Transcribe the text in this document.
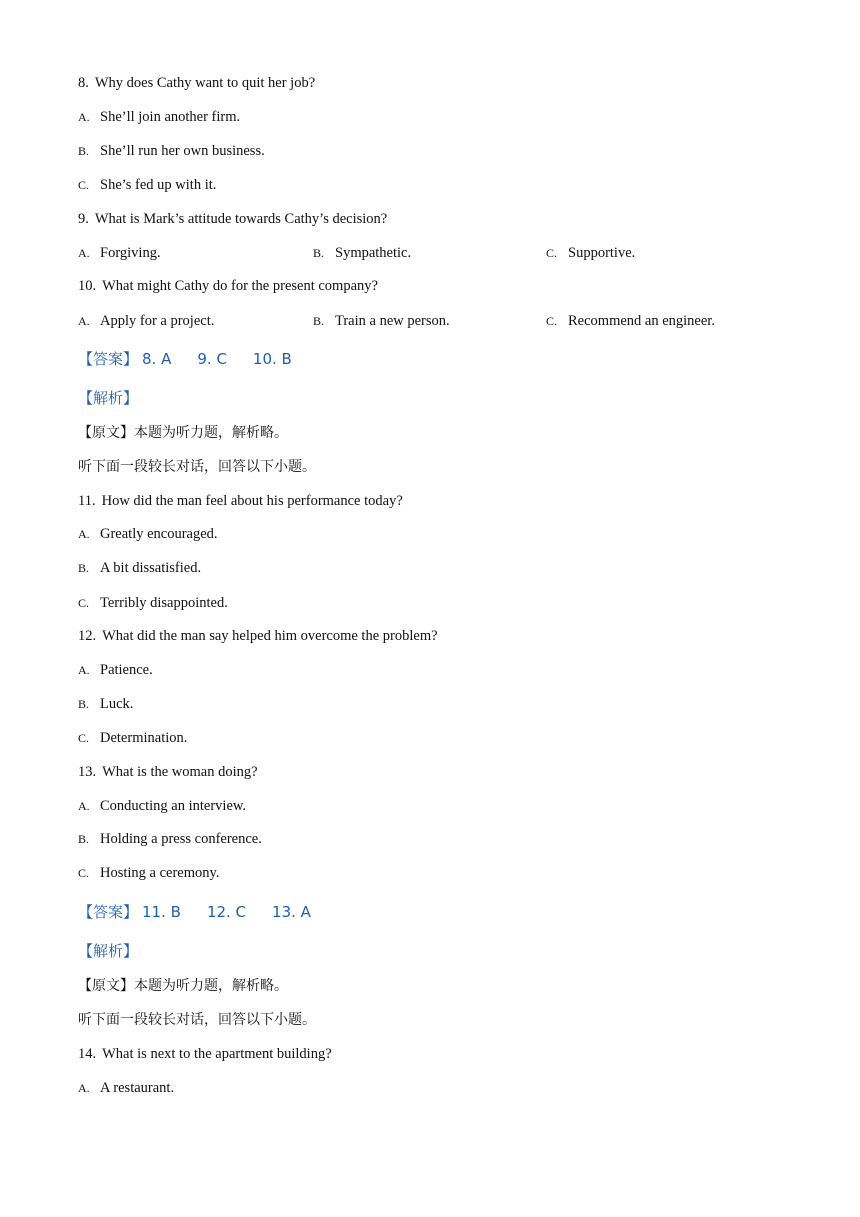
8. Why does Cathy want to quit her job?
A. She’ll join another firm.
B. She’ll run her own business.
C. She’s fed up with it.
9. What is Mark’s attitude towards Cathy’s decision?
A. Forgiving.	B. Sympathetic.	C. Supportive.
10. What might Cathy do for the present company?
A. Apply for a project.	B. Train a new person.	C. Recommend an engineer.
【答案】 8. A 9. C 10. B
【解析】
【原文】本题为听力题，解析略。
听下面一段较长对话，回答以下小题。
11. How did the man feel about his performance today?
A. Greatly encouraged.
B. A bit dissatisfied.
C. Terribly disappointed.
12. What did the man say helped him overcome the problem?
A. Patience.
B. Luck.
C. Determination.
13. What is the woman doing?
A. Conducting an interview.
B. Holding a press conference.
C. Hosting a ceremony.
【答案】 11. B 12. C 13. A
【解析】
【原文】本题为听力题，解析略。
听下面一段较长对话，回答以下小题。
14. What is next to the apartment building?
A. A restaurant.
